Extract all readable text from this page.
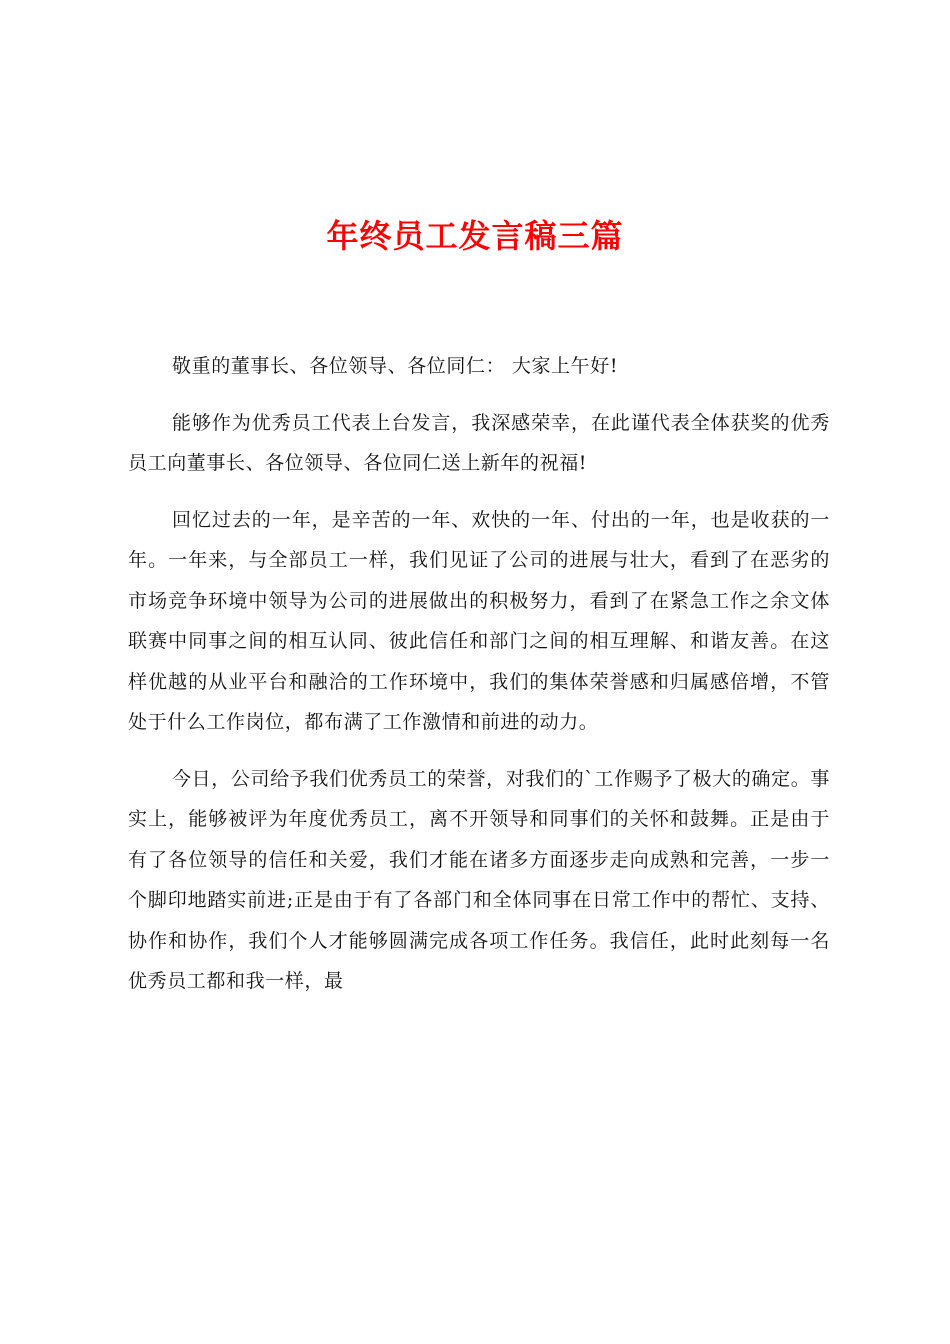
年终员工发言稿三篇

敬重的董事长、各位领导、各位同仁： 大家上午好!

能够作为优秀员工代表上台发言，我深感荣幸，在此谨代表全体获奖的优秀员工向董事长、各位领导、各位同仁送上新年的祝福!

回忆过去的一年，是辛苦的一年、欢快的一年、付出的一年，也是收获的一年。一年来，与全部员工一样，我们见证了公司的进展与壮大，看到了在恶劣的市场竞争环境中领导为公司的进展做出的积极努力，看到了在紧急工作之余文体联赛中同事之间的相互认同、彼此信任和部门之间的相互理解、和谐友善。在这样优越的从业平台和融洽的工作环境中，我们的集体荣誉感和归属感倍增，不管处于什么工作岗位，都布满了工作激情和前进的动力。

今日，公司给予我们优秀员工的荣誉，对我们的`工作赐予了极大的确定。事实上，能够被评为年度优秀员工，离不开领导和同事们的关怀和鼓舞。正是由于有了各位领导的信任和关爱，我们才能在诸多方面逐步走向成熟和完善，一步一个脚印地踏实前进;正是由于有了各部门和全体同事在日常工作中的帮忙、支持、协作和协作，我们个人才能够圆满完成各项工作任务。我信任，此时此刻每一名优秀员工都和我一样，最
